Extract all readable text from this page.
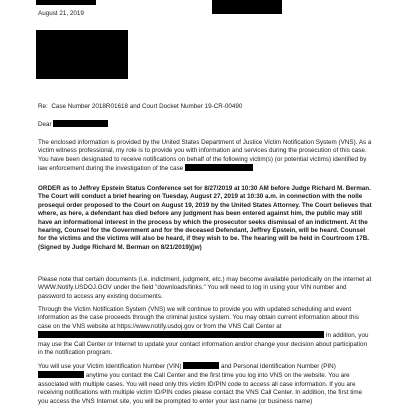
August 21, 2019

Re: Case Number 2018R01618 and Court Docket Number 19-CR-00490

Dear

The enclosed information is provided by the United States Department of Justice Victim Notification System (VNS). As a victim witness professional, my role is to provide you with information and services during the prosecution of this case. You have been designated to receive notifications on behalf of the following victim(s) (or potential victims) identified by law enforcement during the investigation of the case

ORDER as to Jeffrey Epstein Status Conference set for 8/27/2019 at 10:30 AM before Judge Richard M. Berman. The Court will conduct a brief hearing on Tuesday, August 27, 2019 at 10:30 a.m. in connection with the nolle prosequi order proposed to the Court on August 19, 2019 by the United States Attorney. The Court believes that where, as here, a defendant has died before any judgment has been entered against him, the public may still have an informational interest in the process by which the prosecutor seeks dismissal of an indictment. At the hearing, Counsel for the Government and for the deceased Defendant, Jeffrey Epstein, will be heard. Counsel for the victims and the victims will also be heard, if they wish to be. The hearing will be held in Courtroom 17B. (Signed by Judge Richard M. Berman on 8/21/2019)(jw)

Please note that certain documents (i.e. indictment, judgment, etc.) may become available periodically on the internet at WWW.Notify.USDOJ.GOV under the field "downloads/links." You will need to log in using your VIN number and password to access any existing documents.

Through the Victim Notification System (VNS) we will continue to provide you with updated scheduling and event information as the case proceeds through the criminal justice system. You may obtain current information about this case on the VNS website at https://www.notify.usdoj.gov or from the VNS Call Center at  In addition, you may use the Call Center or Internet to update your contact information and/or change your decision about participation in the notification program.

You will use your Victim Identification Number (VIN)	and Personal Identification Number (PIN)  anytime you contact the Call Center and the first time you log into VNS on the website. You are associated with multiple cases. You will need only this victim ID/PIN code to access all case information. If you are receiving notifications with multiple victim ID/PIN codes please contact the VNS Call Center. In addition, the first time you access the VNS Internet site, you will be prompted to enter your last name (or business name)
